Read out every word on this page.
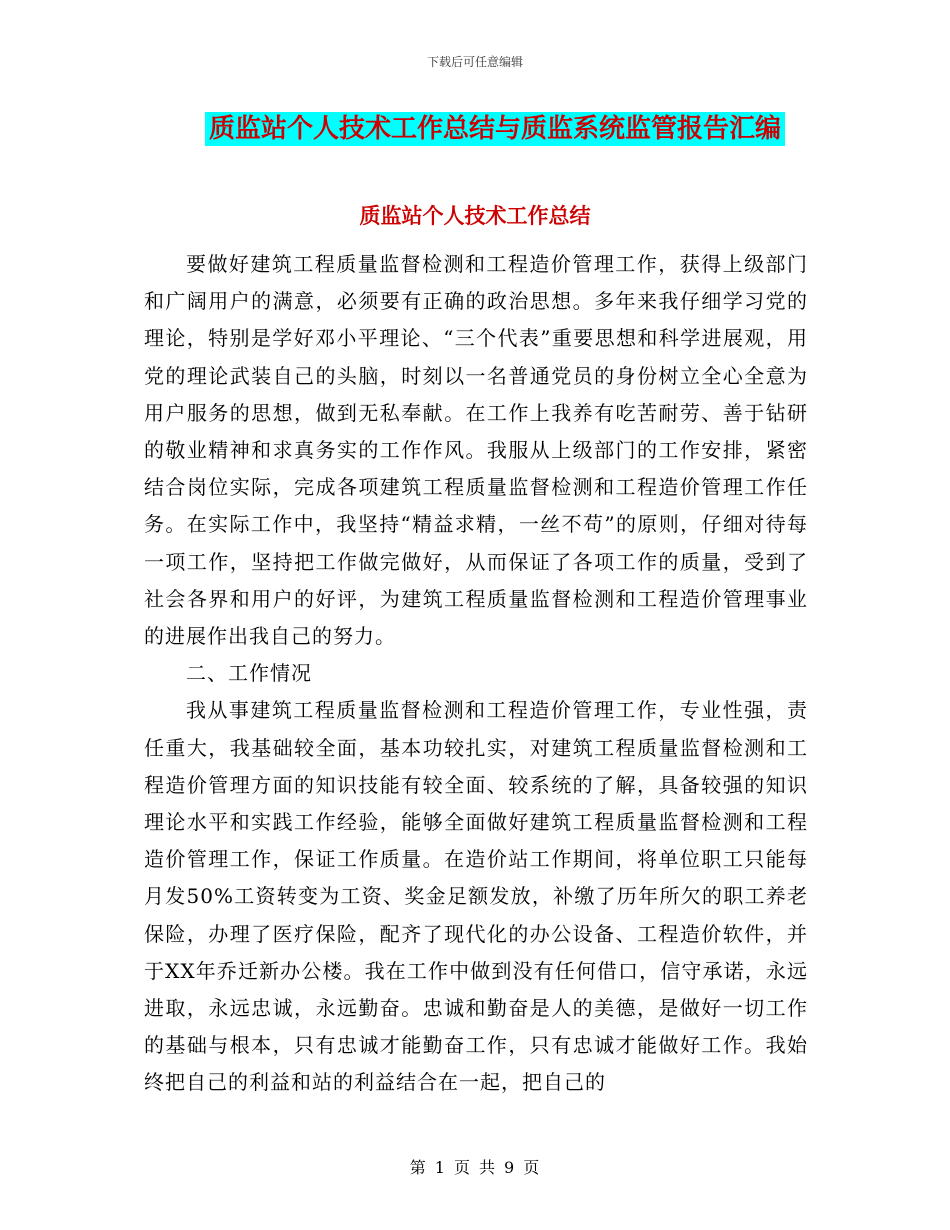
下载后可任意编辑
质监站个人技术工作总结与质监系统监管报告汇编
质监站个人技术工作总结

要做好建筑工程质量监督检测和工程造价管理工作，获得上级部门和广阔用户的满意，必须要有正确的政治思想。多年来我仔细学习党的理论，特别是学好邓小平理论、“三个代表”重要思想和科学进展观，用党的理论武装自己的头脑，时刻以一名普通党员的身份树立全心全意为用户服务的思想，做到无私奉献。在工作上我养有吃苦耐劳、善于钻研的敬业精神和求真务实的工作作风。我服从上级部门的工作安排，紧密结合岗位实际，完成各项建筑工程质量监督检测和工程造价管理工作任务。在实际工作中，我坚持“精益求精，一丝不苟”的原则，仔细对待每一项工作，坚持把工作做完做好，从而保证了各项工作的质量，受到了社会各界和用户的好评，为建筑工程质量监督检测和工程造价管理事业的进展作出我自己的努力。

二、工作情况

我从事建筑工程质量监督检测和工程造价管理工作，专业性强，责任重大，我基础较全面，基本功较扎实，对建筑工程质量监督检测和工程造价管理方面的知识技能有较全面、较系统的了解，具备较强的知识理论水平和实践工作经验，能够全面做好建筑工程质量监督检测和工程造价管理工作，保证工作质量。在造价站工作期间，将单位职工只能每月发50%工资转变为工资、奖金足额发放，补缴了历年所欠的职工养老保险，办理了医疗保险，配齐了现代化的办公设备、工程造价软件，并于XX年乔迁新办公楼。我在工作中做到没有任何借口，信守承诺，永远进取，永远忠诚，永远勤奋。忠诚和勤奋是人的美德，是做好一切工作的基础与根本，只有忠诚才能勤奋工作，只有忠诚才能做好工作。我始终把自己的利益和站的利益结合在一起，把自己的

第 1 页 共 9 页
